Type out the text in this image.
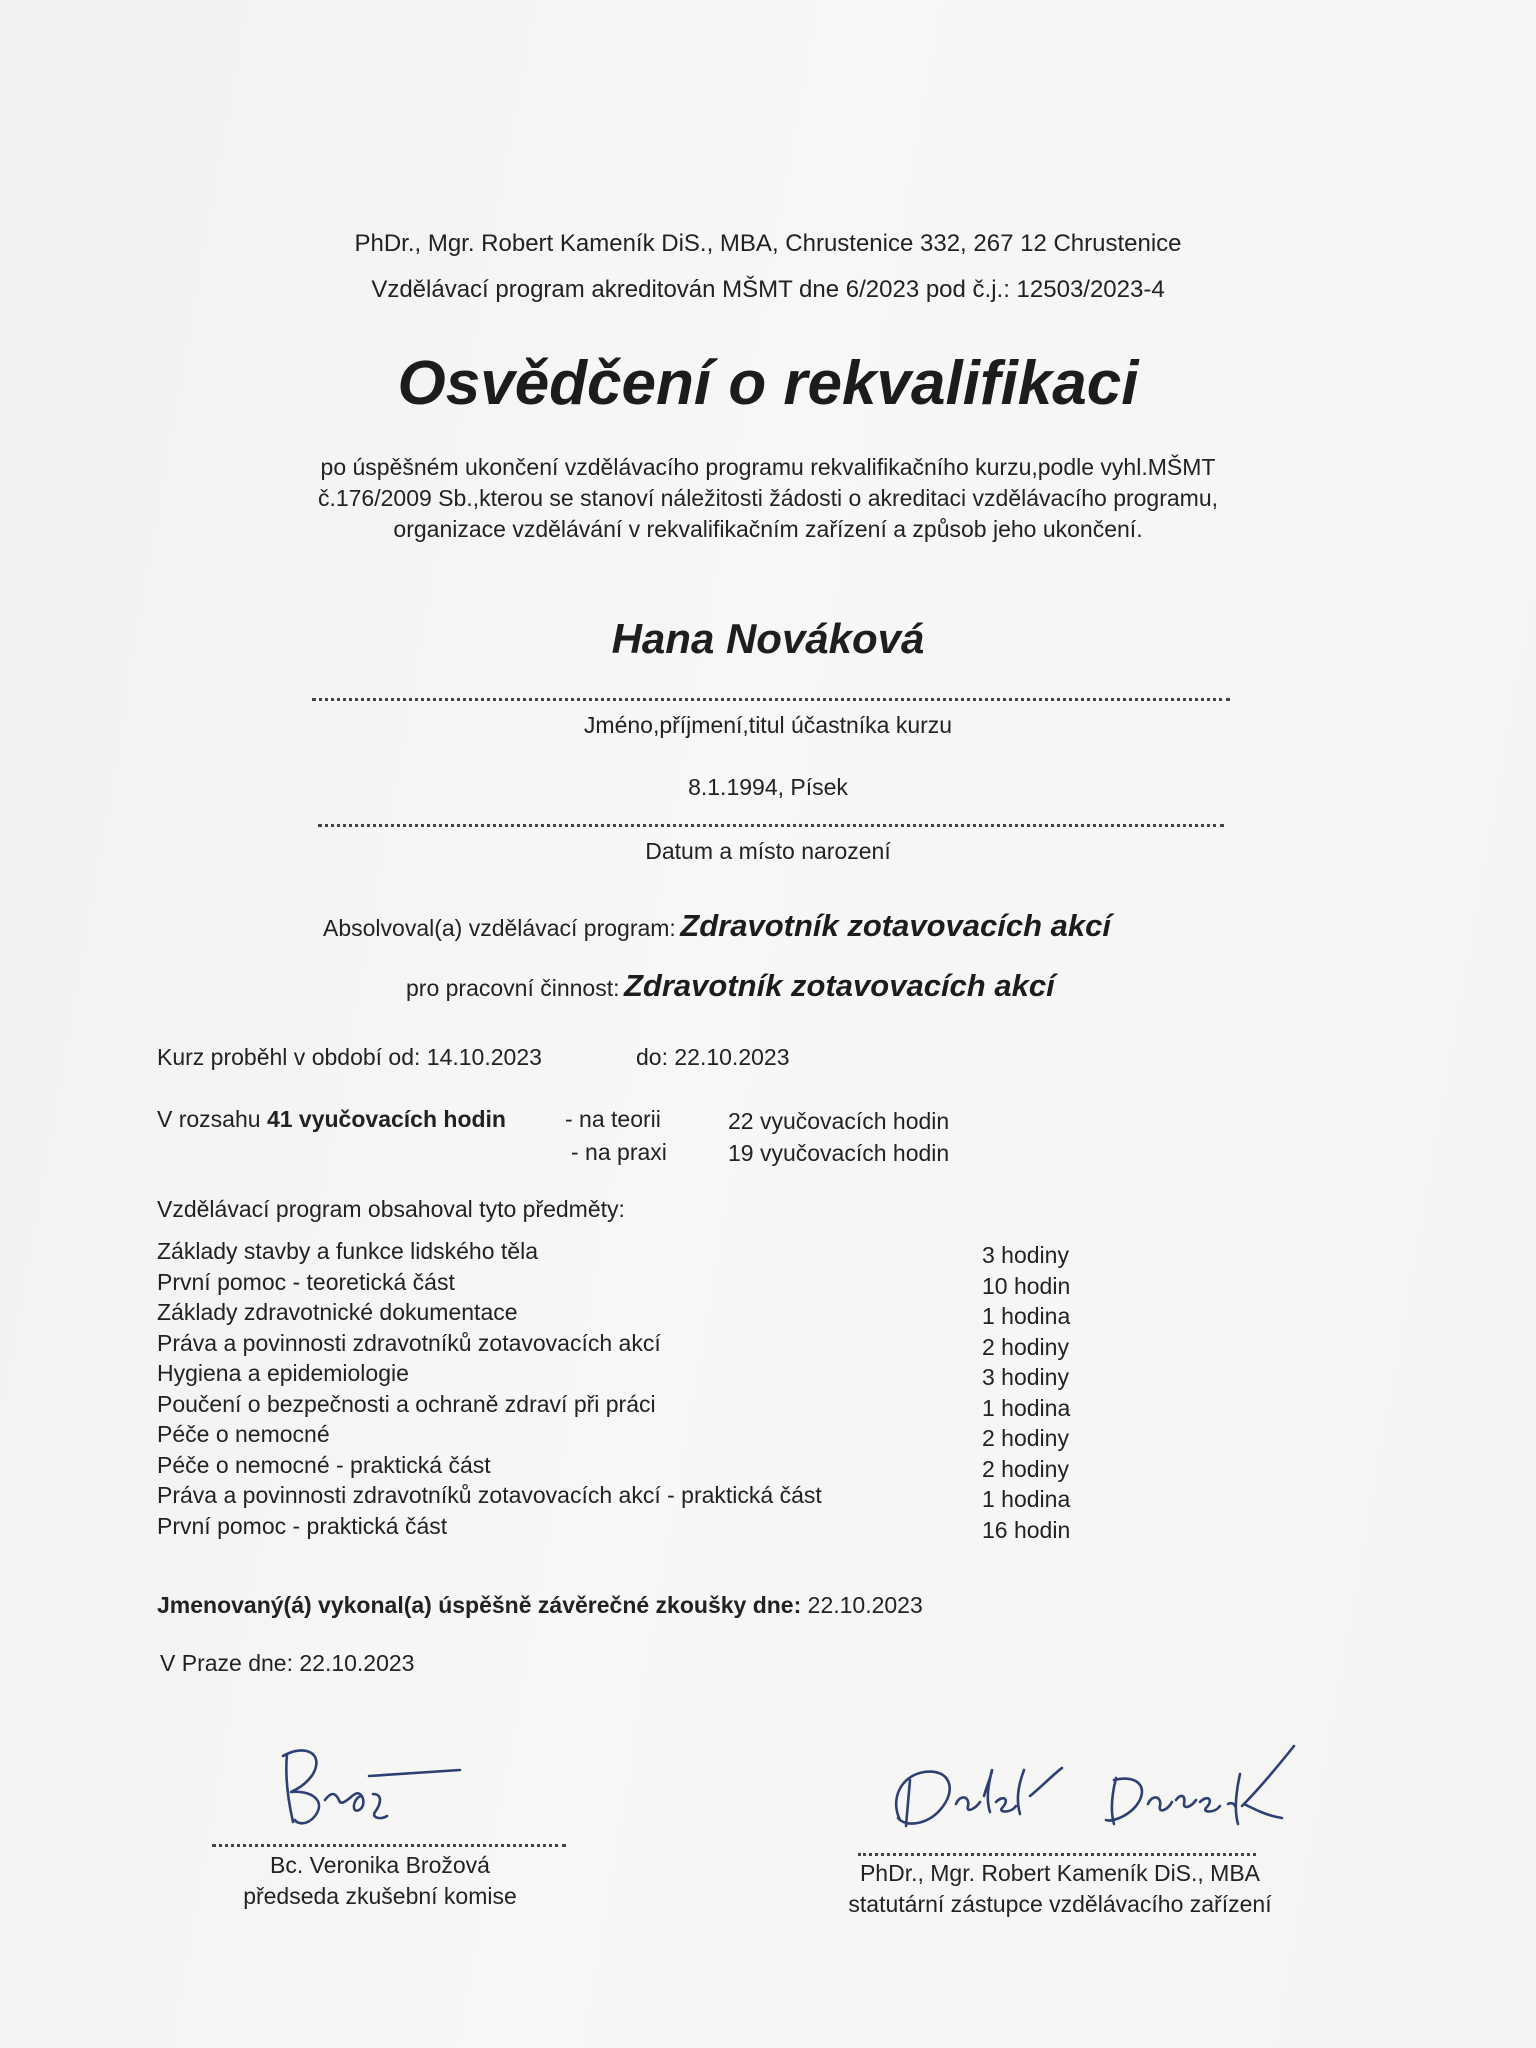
PhDr., Mgr. Robert Kameník DiS., MBA, Chrustenice 332, 267 12 Chrustenice
Vzdělávací program akreditován MŠMT dne 6/2023 pod č.j.: 12503/2023-4
Osvědčení o rekvalifikaci
po úspěšném ukončení vzdělávacího programu rekvalifikačního kurzu,podle vyhl.MŠMT
č.176/2009 Sb.,kterou se stanoví náležitosti žádosti o akreditaci vzdělávacího programu,
organizace vzdělávání v rekvalifikačním zařízení a způsob jeho ukončení.
Hana Nováková
Jméno,příjmení,titul účastníka kurzu
8.1.1994, Písek
Datum a místo narození
Absolvoval(a) vzdělávací program: Zdravotník zotavovacích akcí
pro pracovní činnost: Zdravotník zotavovacích akcí
Kurz proběhl v období od: 14.10.2023	do: 22.10.2023
V rozsahu 41 vyučovacích hodin	- na teorii	22 vyučovacích hodin
- na praxi	19 vyučovacích hodin
Vzdělávací program obsahoval tyto předměty:
Základy stavby a funkce lidského těla	3 hodiny
První pomoc - teoretická část	10 hodin
Základy zdravotnické dokumentace	1 hodina
Práva a povinnosti zdravotníků zotavovacích akcí	2 hodiny
Hygiena a epidemiologie	3 hodiny
Poučení o bezpečnosti a ochraně zdraví při práci	1 hodina
Péče o nemocné	2 hodiny
Péče o nemocné - praktická část	2 hodiny
Práva a povinnosti zdravotníků zotavovacích akcí - praktická část	1 hodina
První pomoc - praktická část	16 hodin
Jmenovaný(á) vykonal(a) úspěšně závěrečné zkoušky dne: 22.10.2023
V Praze dne: 22.10.2023
Bc. Veronika Brožová
předseda zkušební komise
PhDr., Mgr. Robert Kameník DiS., MBA
statutární zástupce vzdělávacího zařízení
